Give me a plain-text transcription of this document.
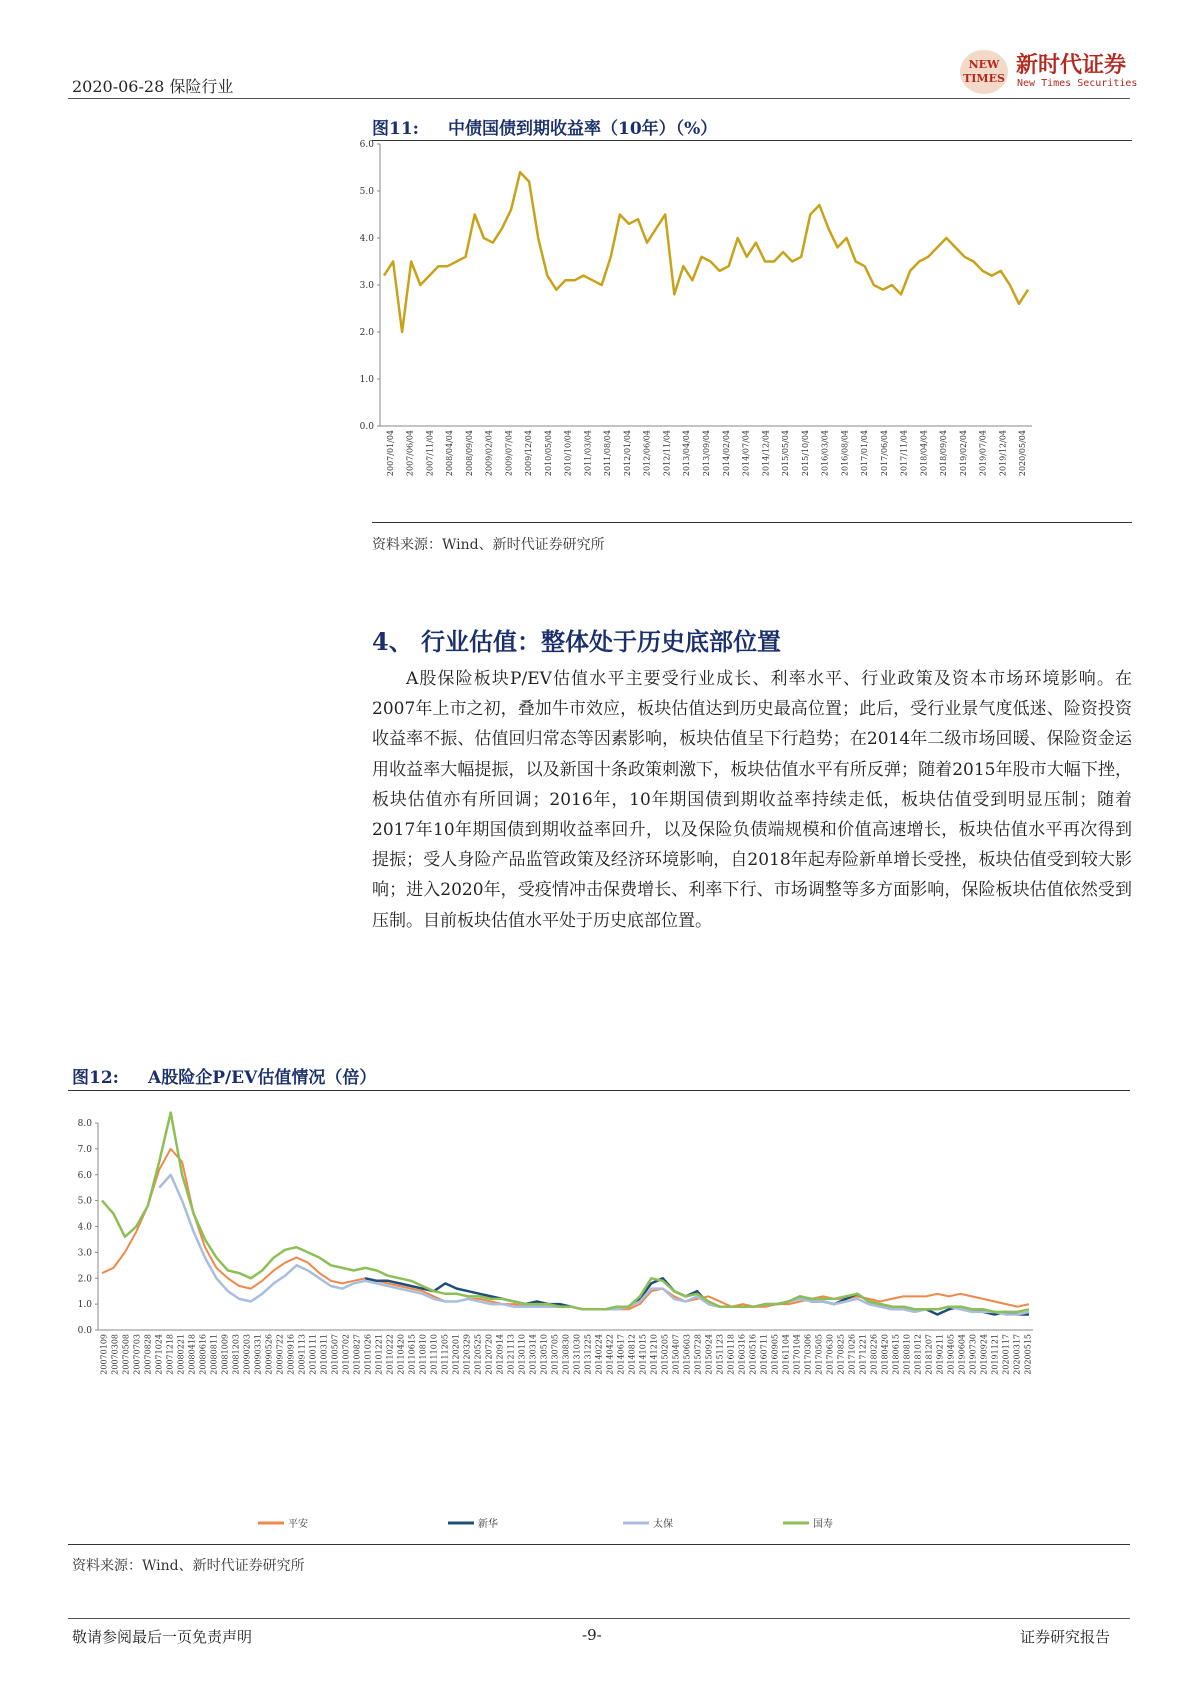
2020-06-28 保险行业
NEW TIMES
新时代证券
New Times Securities
图11: 中债国债到期收益率（10年）（%）
0.0
1.0
2.0
3.0
4.0
5.0
6.0
2007/01/04 2007/06/04 2007/11/04 2008/04/04 2008/09/04 2009/02/04 2009/07/04 2009/12/04 2010/05/04 2010/10/04 2011/03/04 2011/08/04 2012/01/04 2012/06/04 2012/11/04 2013/04/04 2013/09/04 2014/02/04 2014/07/04 2014/12/04 2015/05/04 2015/10/04 2016/03/04 2016/08/04 2017/01/04 2017/06/04 2017/11/04 2018/04/04 2018/09/04 2019/02/04 2019/07/04 2019/12/04 2020/05/04
资料来源：Wind、新时代证券研究所
4、 行业估值：整体处于历史底部位置
A股保险板块P/EV估值水平主要受行业成长、利率水平、行业政策及资本市场环境影响。在2007年上市之初，叠加牛市效应，板块估值达到历史最高位置；此后，受行业景气度低迷、险资投资收益率不振、估值回归常态等因素影响，板块估值呈下行趋势；在2014年二级市场回暖、保险资金运用收益率大幅提振，以及新国十条政策刺激下，板块估值水平有所反弹；随着2015年股市大幅下挫，板块估值亦有所回调；2016年，10年期国债到期收益率持续走低，板块估值受到明显压制；随着2017年10年期国债到期收益率回升，以及保险负债端规模和价值高速增长，板块估值水平再次得到提振；受人身险产品监管政策及经济环境影响，自2018年起寿险新单增长受挫，板块估值受到较大影响；进入2020年，受疫情冲击保费增长、利率下行、市场调整等多方面影响，保险板块估值依然受到压制。目前板块估值水平处于历史底部位置。
图12: A股险企P/EV估值情况（倍）
0.0
1.0
2.0
3.0
4.0
5.0
6.0
7.0
8.0
20070109 20070308 20070508 20070703 20070828 20071024 20071218 20080221 20080418 20080616 20080811 20081009 20081203 20090203 20090331 20090526 20090722 20090916 20091113 20100111 20100311 20100507 20100702 20100827 20101026 20101221 20110222 20110420 20110615 20110810 20111010 20111205 20120201 20120329 20120525 20120720 20120914 20121113 20130110 20130314 20130510 20130705 20130830 20131030 20131225 20140224 20140422 20140617 20140812 20141015 20141210 20150205 20150407 20150603 20150728 20150924 20151123 20160118 20160316 20160516 20160711 20160905 20161104 20170104 20170306 20170505 20170630 20170825 20171026 20171221 20180226 20180420 20180615 20180810 20181012 20181207 20190211 20190405 20190604 20190730 20190924 20191121 20200117 20200317 20200515
平安	新华	太保	国寿
资料来源：Wind、新时代证券研究所
敬请参阅最后一页免责声明	-9-	证券研究报告
